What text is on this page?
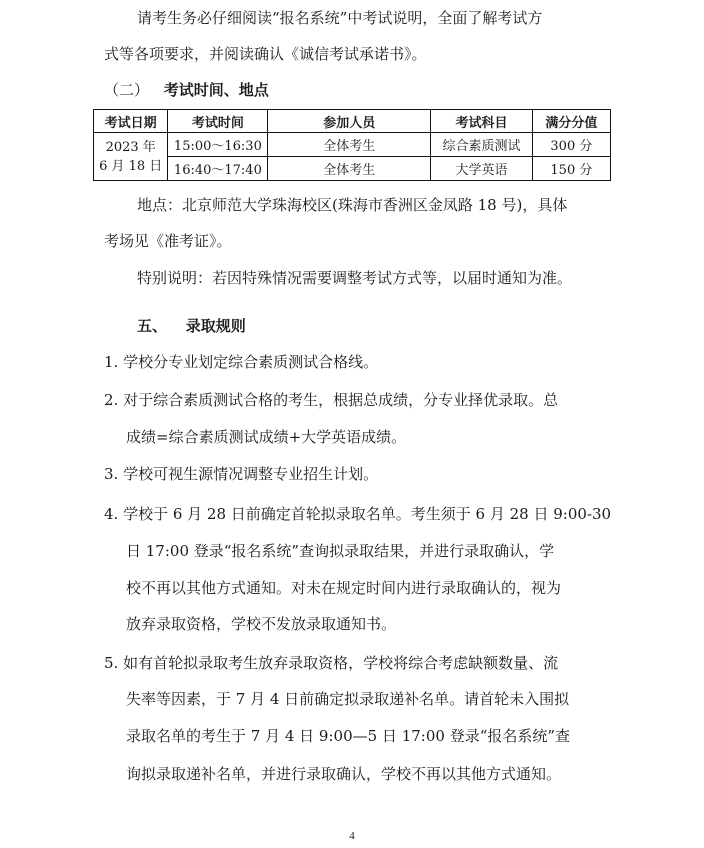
请考生务必仔细阅读“报名系统”中考试说明，全面了解考试方

式等各项要求，并阅读确认《诚信考试承诺书》。

（二） 考试时间、地点

考试日期	考试时间	参加人员	考试科目	满分分值

2023 年
6 月 18 日	15:00～16:30	全体考生	综合素质测试	300 分
	16:40～17:40	全体考生	大学英语	150 分

地点：北京师范大学珠海校区(珠海市香洲区金凤路 18 号)，具体

考场见《准考证》。

特别说明：若因特殊情况需要调整考试方式等，以届时通知为准。

五、 录取规则

1. 学校分专业划定综合素质测试合格线。

2. 对于综合素质测试合格的考生，根据总成绩，分专业择优录取。总

成绩=综合素质测试成绩+大学英语成绩。

3. 学校可视生源情况调整专业招生计划。

4. 学校于 6 月 28 日前确定首轮拟录取名单。考生须于 6 月 28 日 9:00-30

日 17:00 登录“报名系统”查询拟录取结果，并进行录取确认，学

校不再以其他方式通知。对未在规定时间内进行录取确认的，视为

放弃录取资格，学校不发放录取通知书。

5. 如有首轮拟录取考生放弃录取资格，学校将综合考虑缺额数量、流

失率等因素，于 7 月 4 日前确定拟录取递补名单。请首轮未入围拟

录取名单的考生于 7 月 4 日 9:00—5 日 17:00 登录“报名系统”查

询拟录取递补名单，并进行录取确认，学校不再以其他方式通知。

4
